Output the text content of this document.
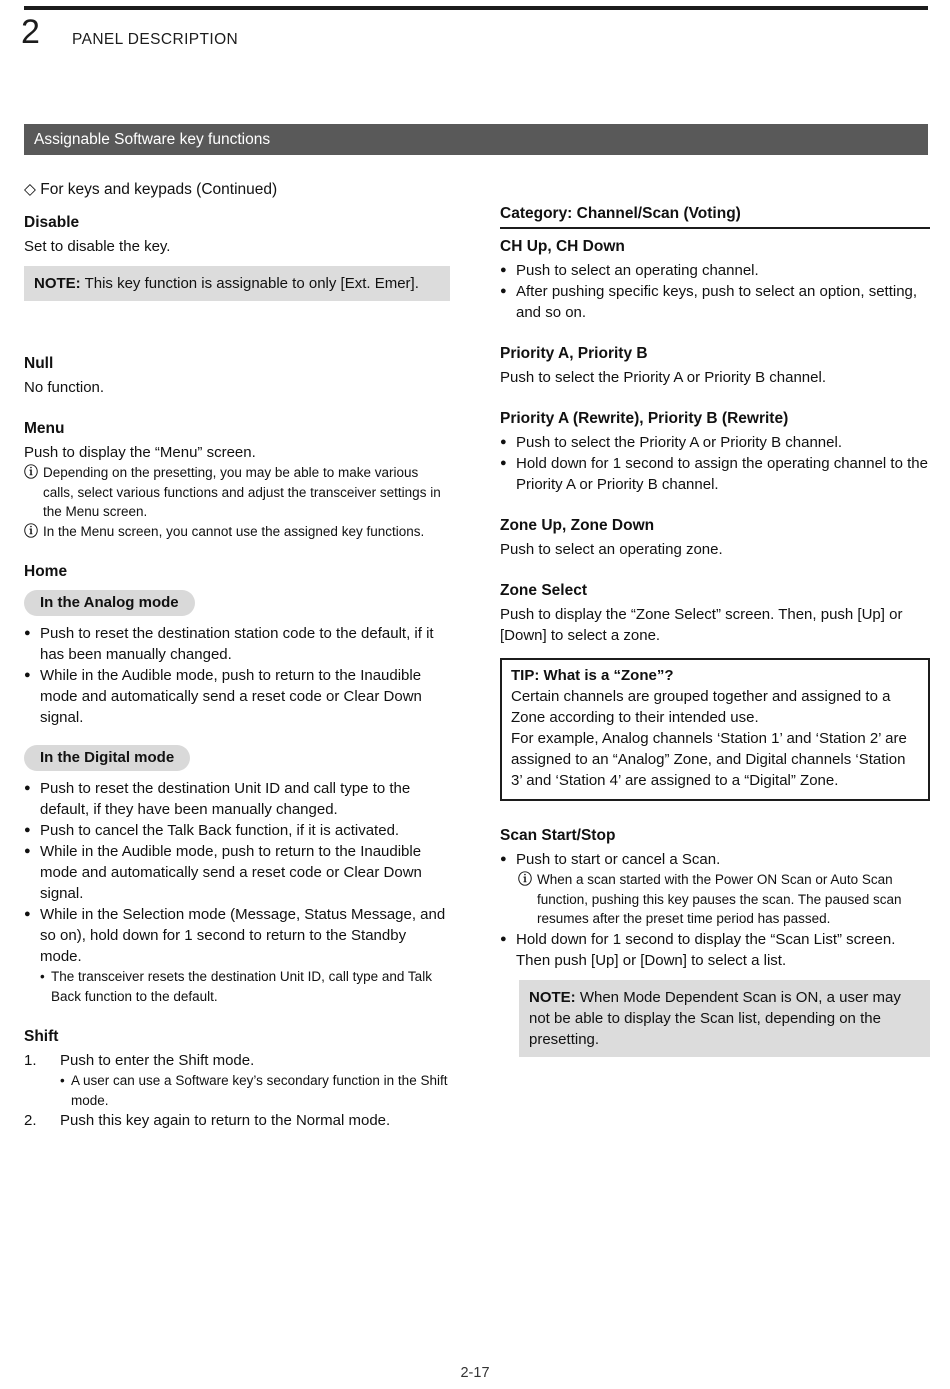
2 PANEL DESCRIPTION
Assignable Software key functions
◇ For keys and keypads (Continued)
Disable
Set to disable the key.
NOTE: This key function is assignable to only [Ext. Emer].
Null
No function.
Menu
Push to display the “Menu” screen.
ⓘ Depending on the presetting, you may be able to make various calls, select various functions and adjust the transceiver settings in the Menu screen.
ⓘ In the Menu screen, you cannot use the assigned key functions.
Home
In the Analog mode
● Push to reset the destination station code to the default, if it has been manually changed.
● While in the Audible mode, push to return to the Inaudible mode and automatically send a reset code or Clear Down signal.
In the Digital mode
● Push to reset the destination Unit ID and call type to the default, if they have been manually changed.
● Push to cancel the Talk Back function, if it is activated.
● While in the Audible mode, push to return to the Inaudible mode and automatically send a reset code or Clear Down signal.
● While in the Selection mode (Message, Status Message, and so on), hold down for 1 second to return to the Standby mode.
• The transceiver resets the destination Unit ID, call type and Talk Back function to the default.
Shift
1.	Push to enter the Shift mode.
• A user can use a Software key’s secondary function in the Shift mode.
2.	Push this key again to return to the Normal mode.
Category: Channel/Scan (Voting)
CH Up, CH Down
● Push to select an operating channel.
● After pushing specific keys, push to select an option, setting, and so on.
Priority A, Priority B
Push to select the Priority A or Priority B channel.
Priority A (Rewrite), Priority B (Rewrite)
● Push to select the Priority A or Priority B channel.
● Hold down for 1 second to assign the operating channel to the Priority A or Priority B channel.
Zone Up, Zone Down
Push to select an operating zone.
Zone Select
Push to display the “Zone Select” screen. Then, push [Up] or [Down] to select a zone.
TIP: What is a “Zone”?
Certain channels are grouped together and assigned to a Zone according to their intended use.
For example, Analog channels ‘Station 1’ and ‘Station 2’ are assigned to an “Analog” Zone, and Digital channels ‘Station 3’ and ‘Station 4’ are assigned to a “Digital” Zone.
Scan Start/Stop
● Push to start or cancel a Scan.
ⓘ When a scan started with the Power ON Scan or Auto Scan function, pushing this key pauses the scan. The paused scan resumes after the preset time period has passed.
● Hold down for 1 second to display the “Scan List” screen. Then push [Up] or [Down] to select a list.
NOTE: When Mode Dependent Scan is ON, a user may not be able to display the Scan list, depending on the presetting.
2-17
